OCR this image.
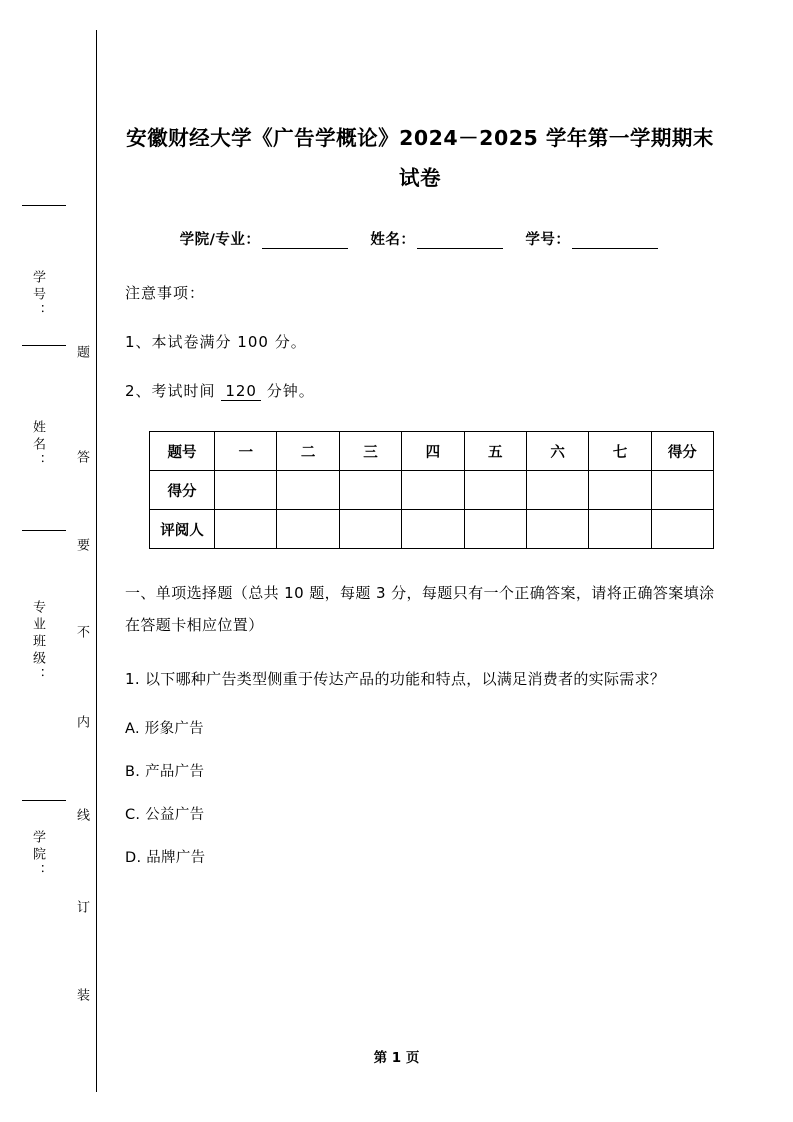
学号：
姓名：
专业班级：
学院：
题
答
要
不
内
线
订
装
安徽财经大学《广告学概论》2024－2025 学年第一学期期末试卷
学院/专业：	姓名：	学号：
注意事项：
1、本试卷满分 100 分。
2、考试时间 120 分钟。
题号	一	二	三	四	五	六	七	得分
得分								
评阅人								
一、单项选择题（总共 10 题，每题 3 分，每题只有一个正确答案，请将正确答案填涂在答题卡相应位置）
1. 以下哪种广告类型侧重于传达产品的功能和特点，以满足消费者的实际需求？
A. 形象广告
B. 产品广告
C. 公益广告
D. 品牌广告
第 1 页
